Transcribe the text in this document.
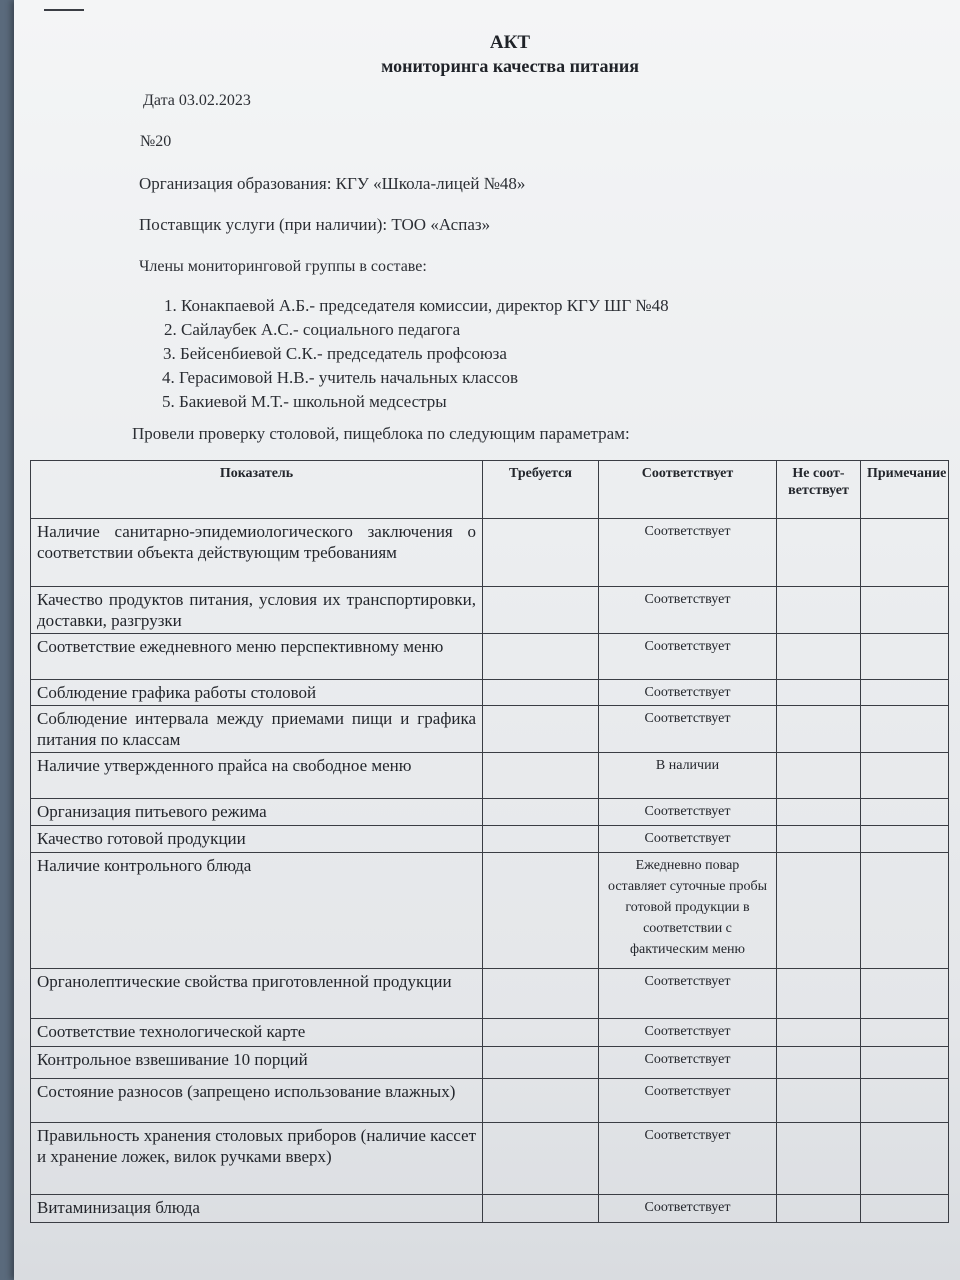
АКТ
мониторинга качества питания
Дата 03.02.2023
№20
Организация образования: КГУ «Школа-лицей №48»
Поставщик услуги (при наличии): ТОО «Аспаз»
Члены мониторинговой группы в составе:
1. Конакпаевой А.Б.- председателя комиссии, директор КГУ ШГ №48
2. Сайлаубек А.С.- социального педагога
3. Бейсенбиевой С.К.- председатель профсоюза
4. Герасимовой Н.В.- учитель начальных классов
5. Бакиевой М.Т.- школьной медсестры
Провели проверку столовой, пищеблока по следующим параметрам:
Показатель	Требуется	Соответствует	Не соот-ветствует	Примечание
Наличие санитарно-эпидемиологического заключения о соответствии объекта действующим требованиям		Соответствует		
Качество продуктов питания, условия их транспортировки, доставки, разгрузки		Соответствует		
Соответствие ежедневного меню перспективному меню		Соответствует		
Соблюдение графика работы столовой		Соответствует		
Соблюдение интервала между приемами пищи и графика питания по классам		Соответствует		
Наличие утвержденного прайса на свободное меню		В наличии		
Организация питьевого режима		Соответствует		
Качество готовой продукции		Соответствует		
Наличие контрольного блюда		Ежедневно повар оставляет суточные пробы готовой продукции в соответствии с фактическим меню		
Органолептические свойства приготовленной продукции		Соответствует		
Соответствие технологической карте		Соответствует		
Контрольное взвешивание 10 порций		Соответствует		
Состояние разносов (запрещено использование влажных)		Соответствует		
Правильность хранения столовых приборов (наличие кассет и хранение ложек, вилок ручками вверх)		Соответствует		
Витаминизация блюда		Соответствует		
